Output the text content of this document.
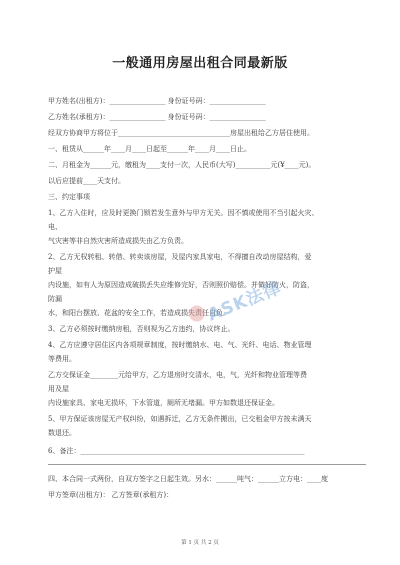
一般通用房屋出租合同最新版
甲方姓名(出租方)：________________ 身份证号码：________________
乙方姓名(承租方)：________________ 身份证号码：________________
经双方协商甲方将位于________________________________房屋出租给乙方居住使用。
一、租赁从______年____月____日起至______年____月____日止。
二、月租金为______元，缴租为____支付一次，人民币(大写)__________元(¥____元)。
以后应提前____天支付。
三、约定事项
1、乙方入住时，应及时更换门锁若发生意外与甲方无关。因不慎或使用不当引起火灾、
电、
气灾害等非自然灾害所造成损失由乙方负责。
2、乙方无权转租、转借、转卖该房屋，及屋内家具家电，不得擅自改动房屋结构，爱
护屋
内设施，如有人为原因造成破损丢失应维修完好，否则照价赔偿。并做好防火，防盗，
防漏
水，和阳台摆放、花盆的安全工作，若造成损失责任自负。
3、乙方必须按时缴纳房租，否则视为乙方违约，协议终止。
4、乙方应遵守居住区内各项规章制度，按时缴纳水、电、气、光纤、电话、物业管理
等费用。
乙方交保证金________元给甲方，乙方退房时交清水，电，气，光纤和物业管理等费
用及屋
内设施家具、家电无损坏，下水管道，厕所无堵漏。甲方如数退还保证金。
5、甲方保证该房屋无产权纠纷，如遇拆迁，乙方无条件搬出，已交租金甲方按未满天
数退还。
6、备注：________________________________________________________________
四、本合同一式两份，自双方签字之日起生效。另水：______吨气：______立方电：____度
甲方签章(出租方)： 乙方签章(承租方)：
ASK法律
第 1 页 共 2 页
